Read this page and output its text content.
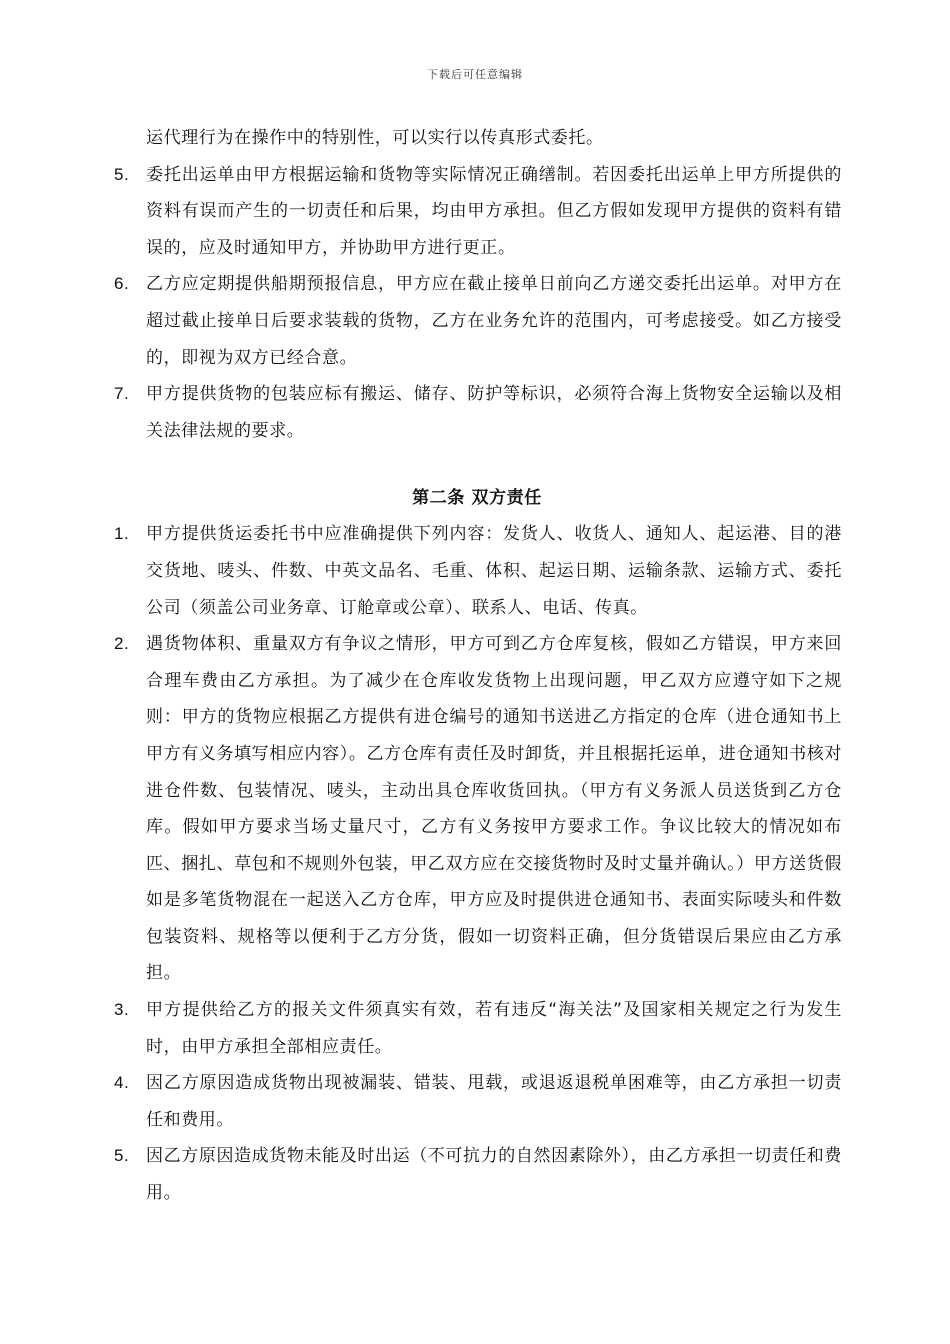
下载后可任意编辑
运代理行为在操作中的特别性，可以实行以传真形式委托。
5. 委托出运单由甲方根据运输和货物等实际情况正确缮制。若因委托出运单上甲方所提供的资料有误而产生的一切责任和后果，均由甲方承担。但乙方假如发现甲方提供的资料有错误的，应及时通知甲方，并协助甲方进行更正。
6. 乙方应定期提供船期预报信息，甲方应在截止接单日前向乙方递交委托出运单。对甲方在超过截止接单日后要求装载的货物，乙方在业务允许的范围内，可考虑接受。如乙方接受的，即视为双方已经合意。
7. 甲方提供货物的包装应标有搬运、储存、防护等标识，必须符合海上货物安全运输以及相关法律法规的要求。
第二条 双方责任
1. 甲方提供货运委托书中应准确提供下列内容：发货人、收货人、通知人、起运港、目的港交货地、唛头、件数、中英文品名、毛重、体积、起运日期、运输条款、运输方式、委托公司（须盖公司业务章、订舱章或公章）、联系人、电话、传真。
2. 遇货物体积、重量双方有争议之情形，甲方可到乙方仓库复核，假如乙方错误，甲方来回合理车费由乙方承担。为了减少在仓库收发货物上出现问题，甲乙双方应遵守如下之规则：甲方的货物应根据乙方提供有进仓编号的通知书送进乙方指定的仓库（进仓通知书上甲方有义务填写相应内容）。乙方仓库有责任及时卸货，并且根据托运单，进仓通知书核对进仓件数、包装情况、唛头，主动出具仓库收货回执。（甲方有义务派人员送货到乙方仓库。假如甲方要求当场丈量尺寸，乙方有义务按甲方要求工作。争议比较大的情况如布匹、捆扎、草包和不规则外包装，甲乙双方应在交接货物时及时丈量并确认。）甲方送货假如是多笔货物混在一起送入乙方仓库，甲方应及时提供进仓通知书、表面实际唛头和件数包装资料、规格等以便利于乙方分货，假如一切资料正确，但分货错误后果应由乙方承担。
3. 甲方提供给乙方的报关文件须真实有效，若有违反“海关法”及国家相关规定之行为发生时，由甲方承担全部相应责任。
4. 因乙方原因造成货物出现被漏装、错装、甩载，或退返退税单困难等，由乙方承担一切责任和费用。
5. 因乙方原因造成货物未能及时出运（不可抗力的自然因素除外），由乙方承担一切责任和费用。
